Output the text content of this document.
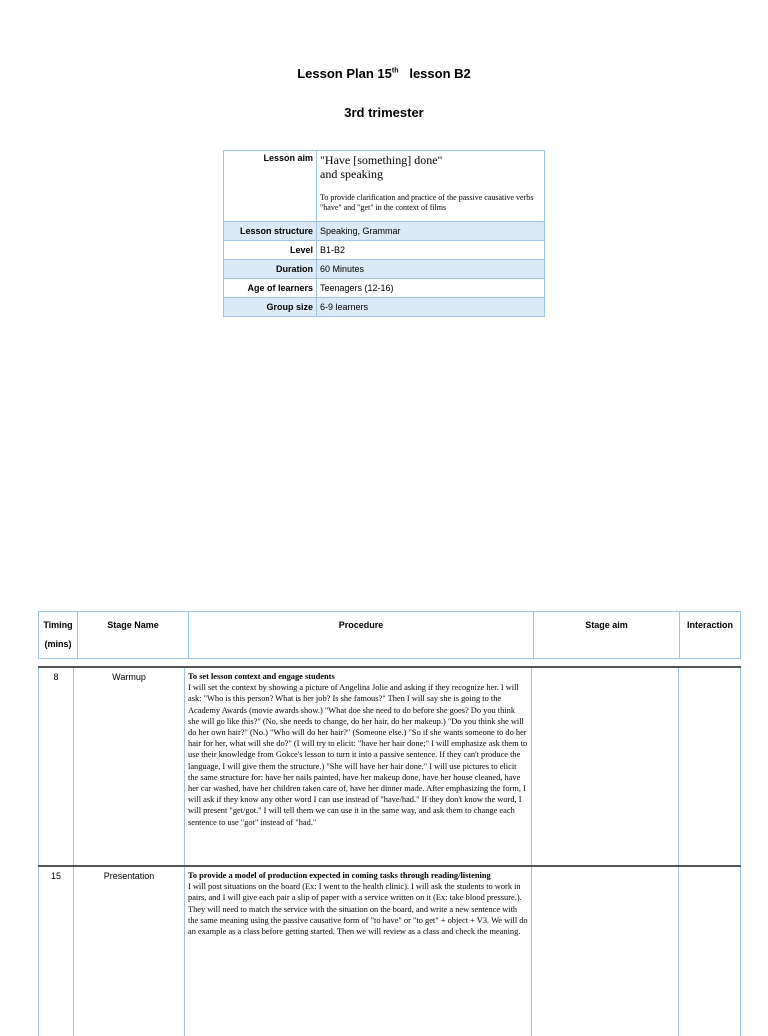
Lesson Plan 15th lesson B2
3rd trimester
Lesson aim	"Have [something] done"
and speaking
To provide clarification and practice of the passive causative verbs "have" and "get" in the context of films

Lesson structure	Speaking, Grammar
Level	B1-B2
Duration	60 Minutes
Age of learners	Teenagers (12-16)
Group size	6-9 learners
Timing
(mins)	Stage Name	Procedure	Stage aim	Interaction
8	Warmup	To set lesson context and engage students
I will set the context by showing a picture of Angelina Jolie and asking if they recognize her. I will ask: "Who is this person? What is her job? Is she famous?" Then I will say she is going to the Academy Awards (movie awards show.) "What doe she need to do before she goes? Do you think she will go like this?" (No, she needs to change, do her hair, do her makeup.) "Do you think she will do her own hair?" (No.) "Who will do her hair?" (Someone else.) "So if she wants someone to do her hair for her, what will she do?" (I will try to elicit: "have her hair done;" I will emphasize ask them to use their knowledge from Gokce's lesson to turn it into a passive sentence. If they can't produce the language, I will give them the structure.) "She will have her hair done." I will use pictures to elicit the same structure for: have her nails painted, have her makeup done, have her house cleaned, have her car washed, have her children taken care of, have her dinner made. After emphasizing the form, I will ask if they know any other word I can use instead of "have/had." If they don't know the word, I will present "get/got." I will tell them we can use it in the same way, and ask them to change each sentence to use "got" instead of "had."		

15	Presentation	To provide a model of production expected in coming tasks through reading/listening
I will post situations on the board (Ex: I went to the health clinic). I will ask the students to work in pairs, and I will give each pair a slip of paper with a service written on it (Ex: take blood pressure.). They will need to match the service with the situation on the board, and write a new sentence with the same meaning using the passive causative form of "to have" or "to get" + object + V3. We will do an example as a class before getting started. Then we will review as a class and check the meaning.		
